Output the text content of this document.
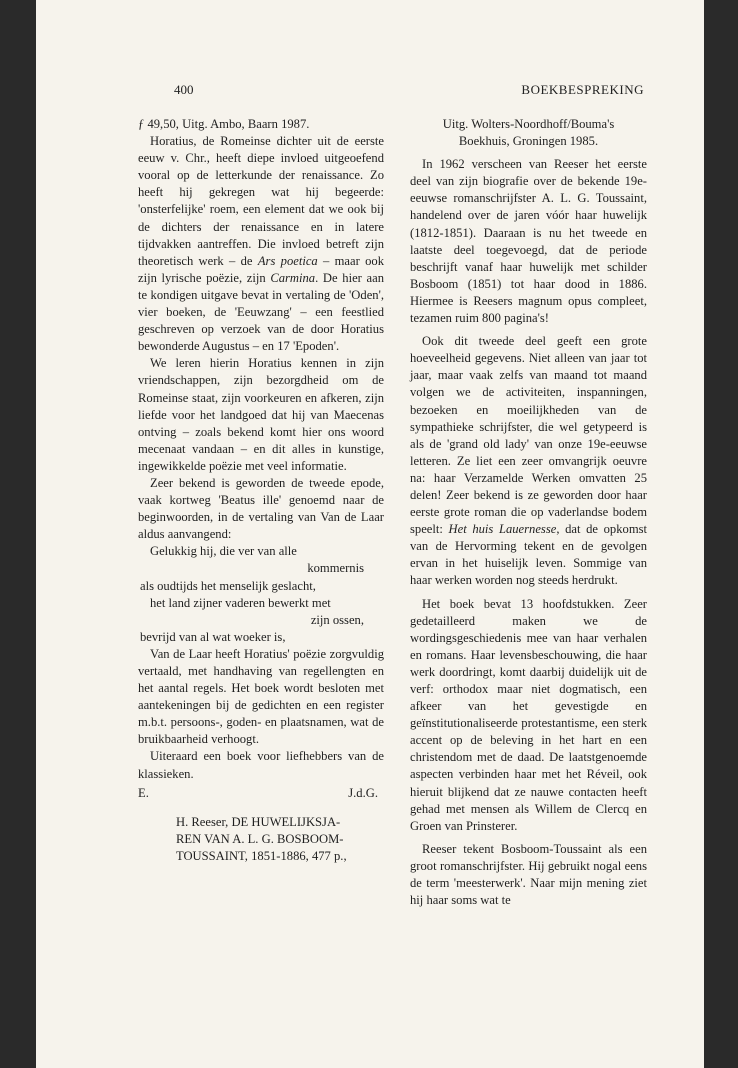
400	BOEKBESPREKING

ƒ 49,50, Uitg. Ambo, Baarn 1987.

Horatius, de Romeinse dichter uit de eerste eeuw v. Chr., heeft diepe invloed uitgeoefend vooral op de letterkunde der renaissance. Zo heeft hij gekregen wat hij begeerde: 'onsterfelijke' roem, een element dat we ook bij de dichters der renaissance en in latere tijdvakken aantreffen. Die invloed betreft zijn theoretisch werk – de Ars poetica – maar ook zijn lyrische poëzie, zijn Carmina. De hier aan te kondigen uitgave bevat in vertaling de 'Oden', vier boeken, de 'Eeuwzang' – een feestlied geschreven op verzoek van de door Horatius bewonderde Augustus – en 17 'Epoden'.

We leren hierin Horatius kennen in zijn vriendschappen, zijn bezorgdheid om de Romeinse staat, zijn voorkeuren en afkeren, zijn liefde voor het landgoed dat hij van Maecenas ontving – zoals bekend komt hier ons woord mecenaat vandaan – en dit alles in kunstige, ingewikkelde poëzie met veel informatie.

Zeer bekend is geworden de tweede epode, vaak kortweg 'Beatus ille' genoemd naar de beginwoorden, in de vertaling van Van de Laar aldus aanvangend:

Gelukkig hij, die ver van alle
kommernis
als oudtijds het menselijk geslacht,
het land zijner vaderen bewerkt met
zijn ossen,
bevrijd van al wat woeker is,

Van de Laar heeft Horatius' poëzie zorgvuldig vertaald, met handhaving van regellengten en het aantal regels. Het boek wordt besloten met aantekeningen bij de gedichten en een register m.b.t. persoons-, goden- en plaatsnamen, wat de bruikbaarheid verhoogt.

Uiteraard een boek voor liefhebbers van de klassieken.

E.	J.d.G.
H. Reeser, DE HUWELIJKSJA-
REN VAN A. L. G. BOSBOOM-
TOUSSAINT, 1851-1886, 477 p.,
Uitg. Wolters-Noordhoff/Bouma's
Boekhuis, Groningen 1985.

In 1962 verscheen van Reeser het eerste deel van zijn biografie over de bekende 19e-eeuwse romanschrijfster A. L. G. Toussaint, handelend over de jaren vóór haar huwelijk (1812-1851). Daaraan is nu het tweede en laatste deel toegevoegd, dat de periode beschrijft vanaf haar huwelijk met schilder Bosboom (1851) tot haar dood in 1886. Hiermee is Reesers magnum opus compleet, tezamen ruim 800 pagina's!

Ook dit tweede deel geeft een grote hoeveelheid gegevens. Niet alleen van jaar tot jaar, maar vaak zelfs van maand tot maand volgen we de activiteiten, inspanningen, bezoeken en moeilijkheden van de sympathieke schrijfster, die wel getypeerd is als de 'grand old lady' van onze 19e-eeuwse letteren. Ze liet een zeer omvangrijk oeuvre na: haar Verzamelde Werken omvatten 25 delen! Zeer bekend is ze geworden door haar eerste grote roman die op vaderlandse bodem speelt: Het huis Lauernesse, dat de opkomst van de Hervorming tekent en de gevolgen ervan in het huiselijk leven. Sommige van haar werken worden nog steeds herdrukt.

Het boek bevat 13 hoofdstukken. Zeer gedetailleerd maken we de wordingsgeschiedenis mee van haar verhalen en romans. Haar levensbeschouwing, die haar werk doordringt, komt daarbij duidelijk uit de verf: orthodox maar niet dogmatisch, een afkeer van het gevestigde en geïnstitutionaliseerde protestantisme, een sterk accent op de beleving in het hart en een christendom met de daad. De laatstgenoemde aspecten verbinden haar met het Réveil, ook hieruit blijkend dat ze nauwe contacten heeft gehad met mensen als Willem de Clercq en Groen van Prinsterer.

Reeser tekent Bosboom-Toussaint als een groot romanschrijfster. Hij gebruikt nogal eens de term 'meesterwerk'. Naar mijn mening ziet hij haar soms wat te
